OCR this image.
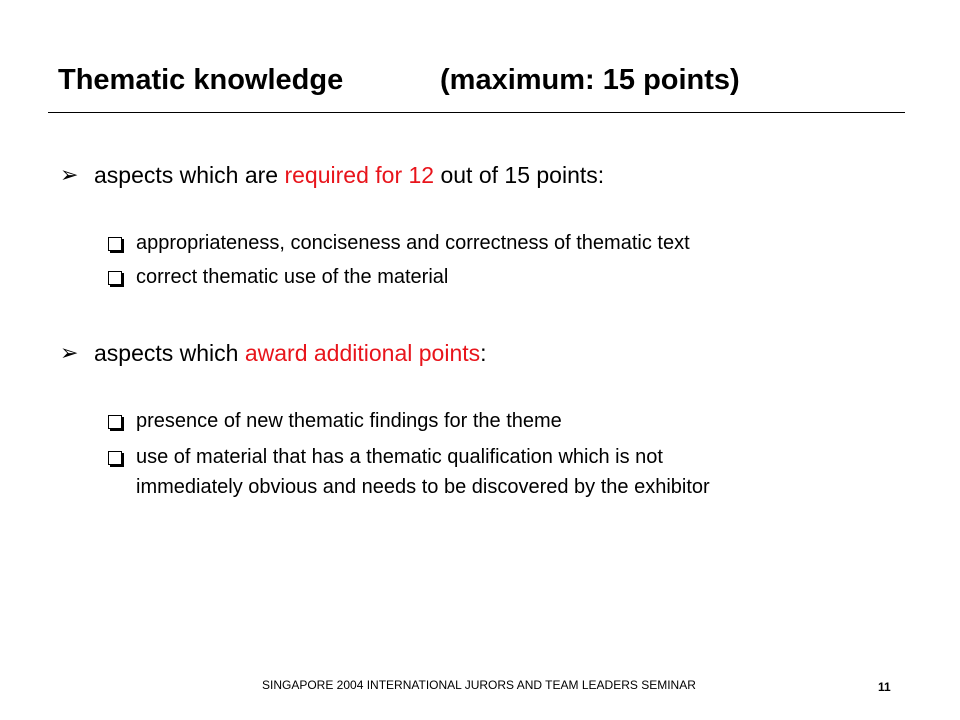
Thematic knowledge	(maximum: 15 points)
➢ aspects which are required for 12 out of 15 points:
appropriateness, conciseness and correctness of thematic text
correct thematic use of the material
➢ aspects which award additional points:
presence of new thematic findings for the theme
use of material that has a thematic qualification which is not
immediately obvious and needs to be discovered by the exhibitor
SINGAPORE 2004 INTERNATIONAL JURORS AND TEAM LEADERS SEMINAR	11
